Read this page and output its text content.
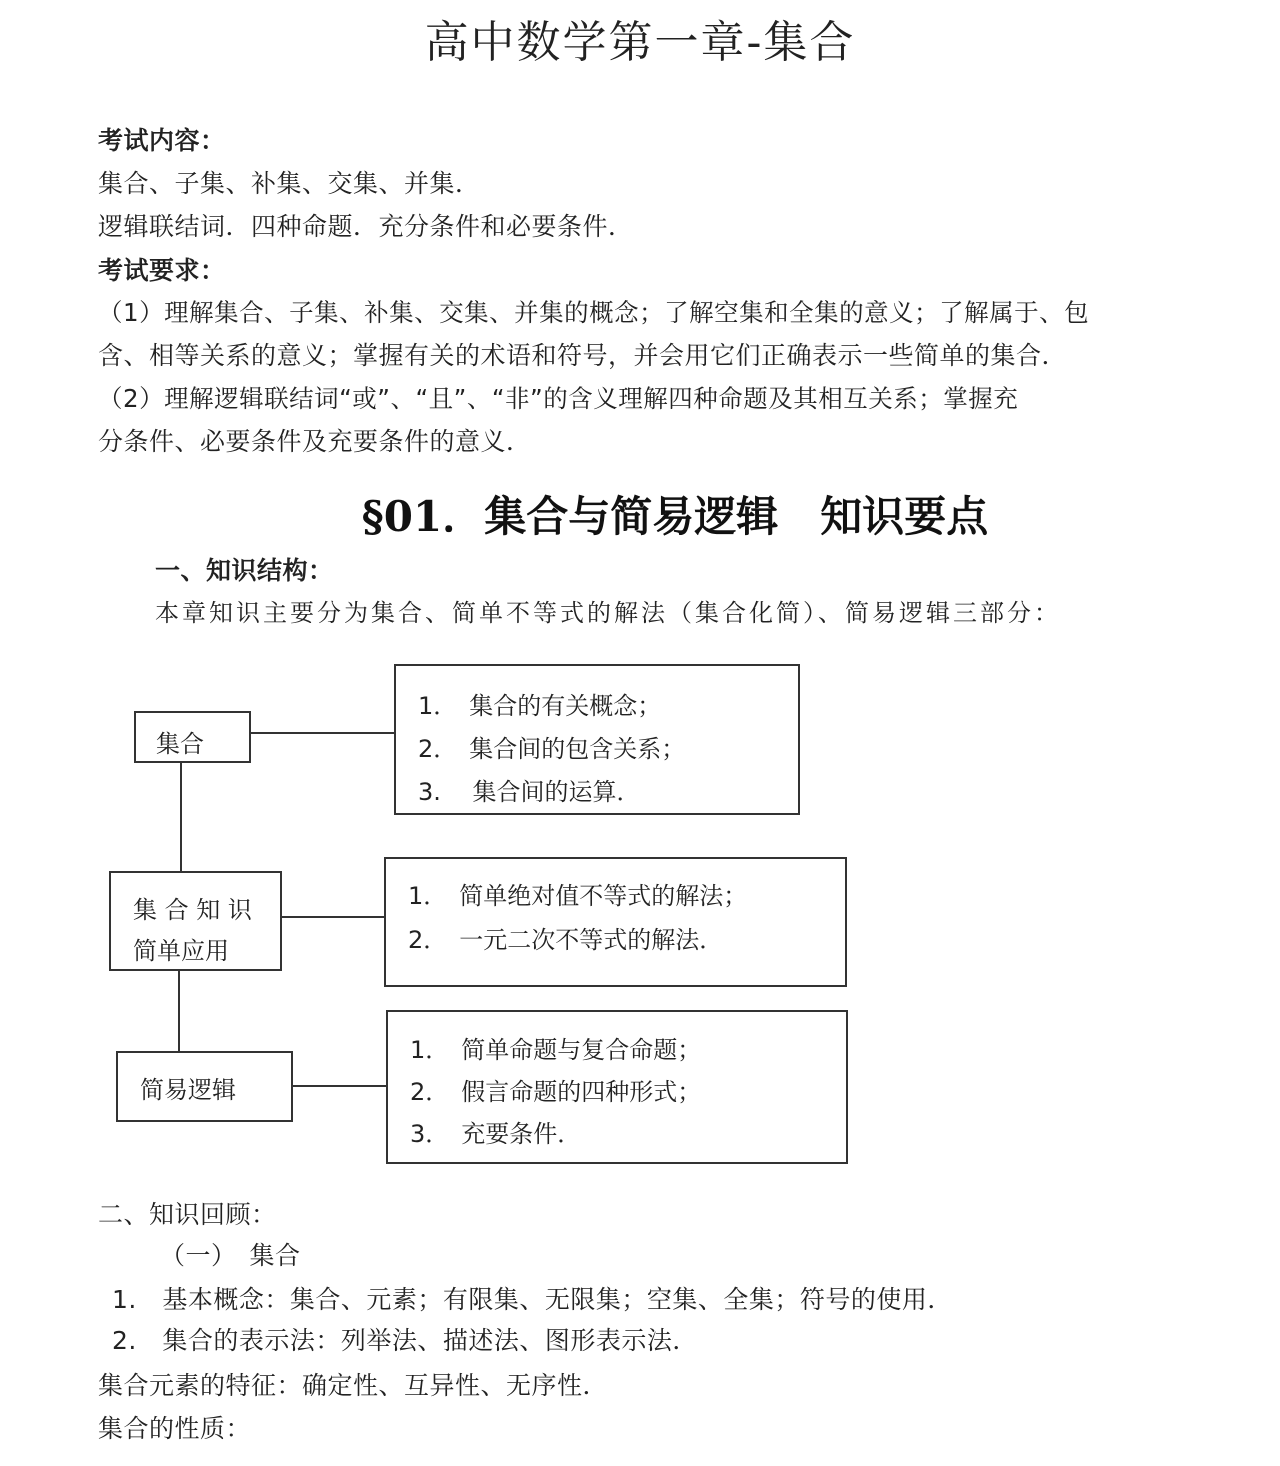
高中数学第一章-集合
考试内容：
集合、子集、补集、交集、并集．
逻辑联结词．四种命题．充分条件和必要条件．
考试要求：
（1）理解集合、子集、补集、交集、并集的概念；了解空集和全集的意义；了解属于、包
含、相等关系的意义；掌握有关的术语和符号，并会用它们正确表示一些简单的集合．
（2）理解逻辑联结词“或”、“且”、“非”的含义理解四种命题及其相互关系；掌握充
分条件、必要条件及充要条件的意义．
§01．集合与简易逻辑　知识要点
一、知识结构：
本章知识主要分为集合、简单不等式的解法（集合化简）、简易逻辑三部分：
集合
集 合 知 识
简单应用
简易逻辑
1．　集合的有关概念；
2．　集合间的包含关系；
3.　 集合间的运算．
1．　简单绝对值不等式的解法；
2．　一元二次不等式的解法．
1．　简单命题与复合命题；
2．　假言命题的四种形式；
3．　充要条件．
二、知识回顾：
（一）　集合
1.　基本概念：集合、元素；有限集、无限集；空集、全集；符号的使用．
2.　集合的表示法：列举法、描述法、图形表示法．
集合元素的特征：确定性、互异性、无序性．
集合的性质：
